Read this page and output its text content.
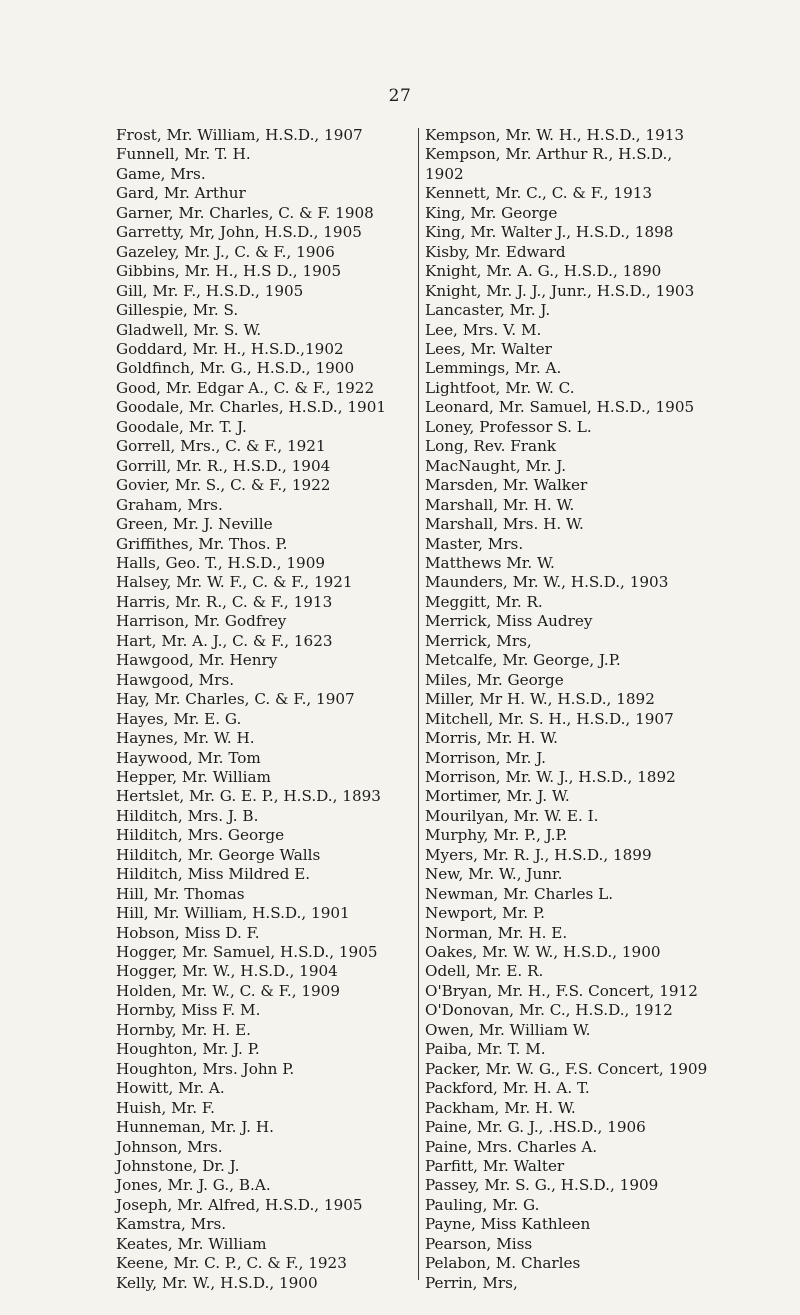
27
Frost, Mr. William, H.S.D., 1907
Funnell, Mr. T. H.
Game, Mrs.
Gard, Mr. Arthur
Garner, Mr. Charles, C. & F. 1908
Garretty, Mr, John, H.S.D., 1905
Gazeley, Mr. J., C. & F., 1906
Gibbins, Mr. H., H.S D., 1905
Gill, Mr. F., H.S.D., 1905
Gillespie, Mr. S.
Gladwell, Mr. S. W.
Goddard, Mr. H., H.S.D.,1902
Goldfinch, Mr. G., H.S.D., 1900
Good, Mr. Edgar A., C. & F., 1922
Goodale, Mr. Charles, H.S.D., 1901
Goodale, Mr. T. J.
Gorrell, Mrs., C. & F., 1921
Gorrill, Mr. R., H.S.D., 1904
Govier, Mr. S., C. & F., 1922
Graham, Mrs.
Green, Mr. J. Neville
Griffithes, Mr. Thos. P.
Halls, Geo. T., H.S.D., 1909
Halsey, Mr. W. F., C. & F., 1921
Harris, Mr. R., C. & F., 1913
Harrison, Mr. Godfrey
Hart, Mr. A. J., C. & F., 1623
Hawgood, Mr. Henry
Hawgood, Mrs.
Hay, Mr. Charles, C. & F., 1907
Hayes, Mr. E. G.
Haynes, Mr. W. H.
Haywood, Mr. Tom
Hepper, Mr. William
Hertslet, Mr. G. E. P., H.S.D., 1893
Hilditch, Mrs. J. B.
Hilditch, Mrs. George
Hilditch, Mr. George Walls
Hilditch, Miss Mildred E.
Hill, Mr. Thomas
Hill, Mr. William, H.S.D., 1901
Hobson, Miss D. F.
Hogger, Mr. Samuel, H.S.D., 1905
Hogger, Mr. W., H.S.D., 1904
Holden, Mr. W., C. & F., 1909
Hornby, Miss F. M.
Hornby, Mr. H. E.
Houghton, Mr. J. P.
Houghton, Mrs. John P.
Howitt, Mr. A.
Huish, Mr. F.
Hunneman, Mr. J. H.
Johnson, Mrs.
Johnstone, Dr. J.
Jones, Mr. J. G., B.A.
Joseph, Mr. Alfred, H.S.D., 1905
Kamstra, Mrs.
Keates, Mr. William
Keene, Mr. C. P., C. & F., 1923
Kelly, Mr. W., H.S.D., 1900
Kempson, Mr. W. H., H.S.D., 1913
Kempson, Mr. Arthur R., H.S.D.,
1902
Kennett, Mr. C., C. & F., 1913
King, Mr. George
King, Mr. Walter J., H.S.D., 1898
Kisby, Mr. Edward
Knight, Mr. A. G., H.S.D., 1890
Knight, Mr. J. J., Junr., H.S.D., 1903
Lancaster, Mr. J.
Lee, Mrs. V. M.
Lees, Mr. Walter
Lemmings, Mr. A.
Lightfoot, Mr. W. C.
Leonard, Mr. Samuel, H.S.D., 1905
Loney, Professor S. L.
Long, Rev. Frank
MacNaught, Mr. J.
Marsden, Mr. Walker
Marshall, Mr. H. W.
Marshall, Mrs. H. W.
Master, Mrs.
Matthews Mr. W.
Maunders, Mr. W., H.S.D., 1903
Meggitt, Mr. R.
Merrick, Miss Audrey
Merrick, Mrs,
Metcalfe, Mr. George, J.P.
Miles, Mr. George
Miller, Mr H. W., H.S.D., 1892
Mitchell, Mr. S. H., H.S.D., 1907
Morris, Mr. H. W.
Morrison, Mr. J.
Morrison, Mr. W. J., H.S.D., 1892
Mortimer, Mr. J. W.
Mourilyan, Mr. W. E. I.
Murphy, Mr. P., J.P.
Myers, Mr. R. J., H.S.D., 1899
New, Mr. W., Junr.
Newman, Mr. Charles L.
Newport, Mr. P.
Norman, Mr. H. E.
Oakes, Mr. W. W., H.S.D., 1900
Odell, Mr. E. R.
O'Bryan, Mr. H., F.S. Concert, 1912
O'Donovan, Mr. C., H.S.D., 1912
Owen, Mr. William W.
Paiba, Mr. T. M.
Packer, Mr. W. G., F.S. Concert, 1909
Packford, Mr. H. A. T.
Packham, Mr. H. W.
Paine, Mr. G. J., .HS.D., 1906
Paine, Mrs. Charles A.
Parfitt, Mr. Walter
Passey, Mr. S. G., H.S.D., 1909
Pauling, Mr. G.
Payne, Miss Kathleen
Pearson, Miss
Pelabon, M. Charles
Perrin, Mrs,
